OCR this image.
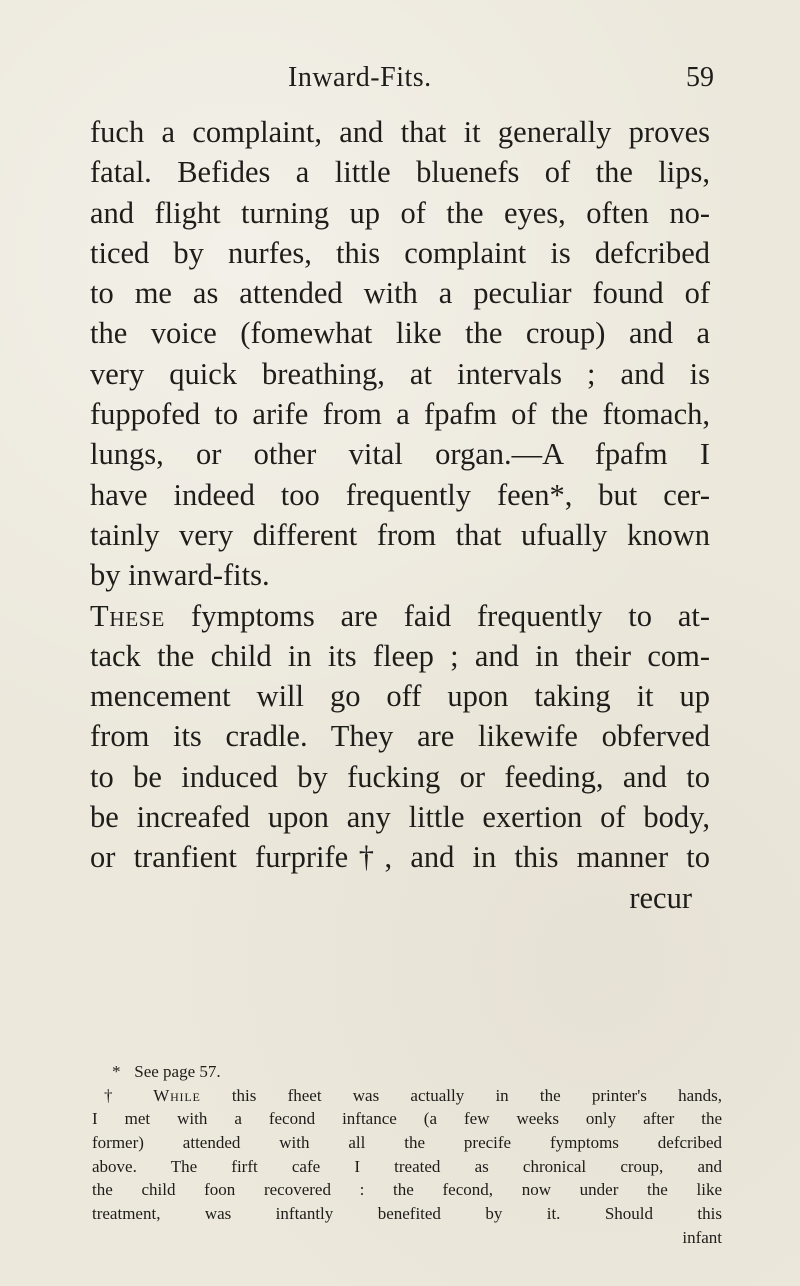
Inward-Fits.	59
fuch a complaint, and that it generally proves
fatal. Befides a little bluenefs of the lips,
and flight turning up of the eyes, often no-
ticed by nurfes, this complaint is defcribed
to me as attended with a peculiar found of
the voice (fomewhat like the croup) and a
very quick breathing, at intervals ; and is
fuppofed to arife from a fpafm of the ftomach,
lungs, or other vital organ.—A fpafm I
have indeed too frequently feen*, but cer-
tainly very different from that ufually known
by inward-fits.
These fymptoms are faid frequently to at-
tack the child in its fleep ; and in their com-
mencement will go off upon taking it up
from its cradle. They are likewife obferved
to be induced by fucking or feeding, and to
be increafed upon any little exertion of body,
or tranfient furprife†, and in this manner to
recur
* See page 57.
† While this fheet was actually in the printer's hands,
I met with a fecond inftance (a few weeks only after the
former) attended with all the precife fymptoms defcribed
above. The firft cafe I treated as chronical croup, and
the child foon recovered : the fecond, now under the like
treatment, was inftantly benefited by it. Should this
infant
